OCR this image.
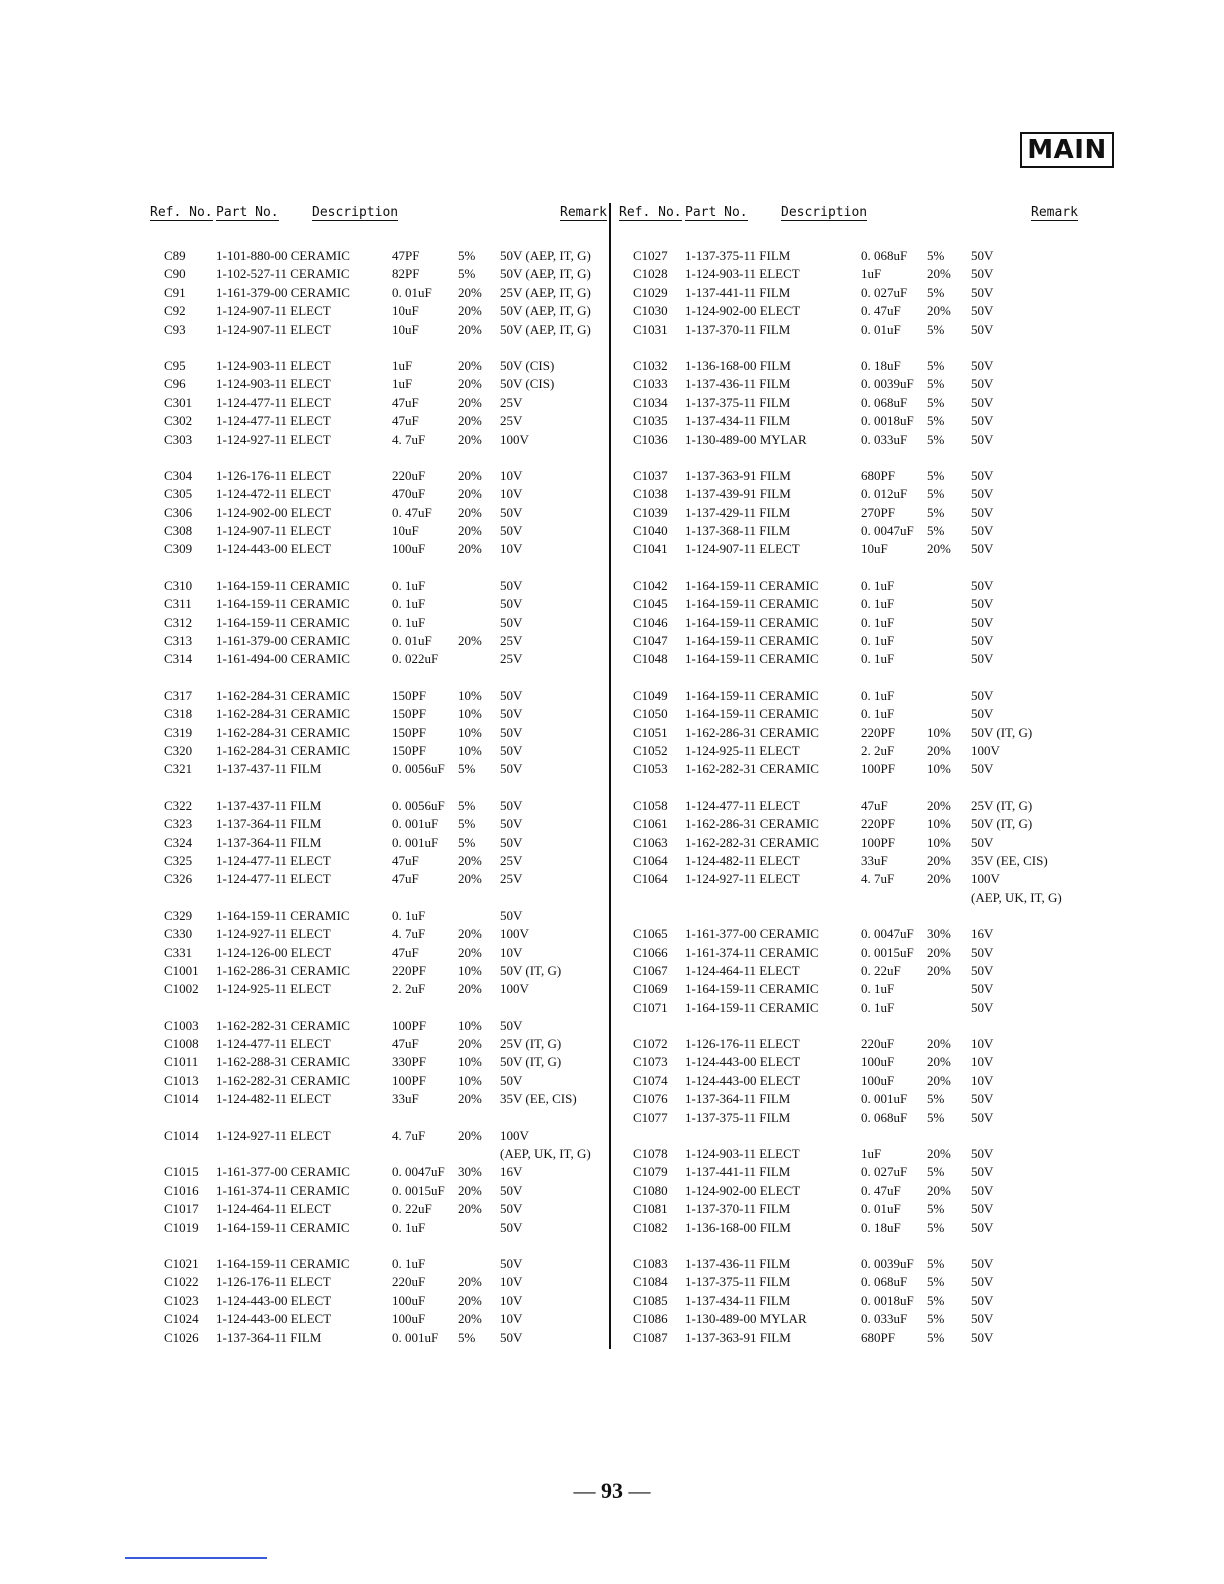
MAIN
Ref. No. Part No.	Description	Remark
C89 1-101-880-00 CERAMIC	47PF	5% 50V (AEP, IT, G)
C90 1-102-527-11 CERAMIC	82PF	5% 50V (AEP, IT, G)
C91 1-161-379-00 CERAMIC	0. 01uF 20% 25V (AEP, IT, G)
C92 1-124-907-11 ELECT	10uF	20% 50V (AEP, IT, G)
C93 1-124-907-11 ELECT	10uF	20% 50V (AEP, IT, G)
C95 1-124-903-11 ELECT	1uF	20% 50V (CIS)
C96 1-124-903-11 ELECT	1uF	20% 50V (CIS)
C301 1-124-477-11 ELECT	47uF	20% 25V
C302 1-124-477-11 ELECT	47uF	20% 25V
C303 1-124-927-11 ELECT	4. 7uF	20% 100V
C304 1-126-176-11 ELECT	220uF	20% 10V
C305 1-124-472-11 ELECT	470uF	20% 10V
C306 1-124-902-00 ELECT	0. 47uF 20% 50V
C308 1-124-907-11 ELECT	10uF	20% 50V
C309 1-124-443-00 ELECT	100uF	20% 10V
C310 1-164-159-11 CERAMIC	0. 1uF	50V
C311 1-164-159-11 CERAMIC	0. 1uF	50V
C312 1-164-159-11 CERAMIC	0. 1uF	50V
C313 1-161-379-00 CERAMIC	0. 01uF 20% 25V
C314 1-161-494-00 CERAMIC	0. 022uF	25V
C317 1-162-284-31 CERAMIC	150PF 10% 50V
C318 1-162-284-31 CERAMIC	150PF 10% 50V
C319 1-162-284-31 CERAMIC	150PF 10% 50V
C320 1-162-284-31 CERAMIC	150PF 10% 50V
C321 1-137-437-11 FILM	0. 0056uF 5% 50V
C322 1-137-437-11 FILM	0. 0056uF 5% 50V
C323 1-137-364-11 FILM	0. 001uF 5% 50V
C324 1-137-364-11 FILM	0. 001uF 5% 50V
C325 1-124-477-11 ELECT	47uF	20% 25V
C326 1-124-477-11 ELECT	47uF	20% 25V
C329 1-164-159-11 CERAMIC	0. 1uF	50V
C330 1-124-927-11 ELECT	4. 7uF	20% 100V
C331 1-124-126-00 ELECT	47uF	20% 10V
C1001 1-162-286-31 CERAMIC	220PF 10% 50V (IT, G)
C1002 1-124-925-11 ELECT	2. 2uF	20% 100V
C1003 1-162-282-31 CERAMIC	100PF 10% 50V
C1008 1-124-477-11 ELECT	47uF	20% 25V (IT, G)
C1011 1-162-288-31 CERAMIC	330PF 10% 50V (IT, G)
C1013 1-162-282-31 CERAMIC	100PF 10% 50V
C1014 1-124-482-11 ELECT	33uF	20% 35V (EE, CIS)
C1014 1-124-927-11 ELECT	4. 7uF	20% 100V
(AEP, UK, IT, G)
C1015 1-161-377-00 CERAMIC	0. 0047uF 30% 16V
C1016 1-161-374-11 CERAMIC	0. 0015uF 20% 50V
C1017 1-124-464-11 ELECT	0. 22uF 20% 50V
C1019 1-164-159-11 CERAMIC	0. 1uF	50V
C1021 1-164-159-11 CERAMIC	0. 1uF	50V
C1022 1-126-176-11 ELECT	220uF	20% 10V
C1023 1-124-443-00 ELECT	100uF	20% 10V
C1024 1-124-443-00 ELECT	100uF	20% 10V
C1026 1-137-364-11 FILM	0. 001uF 5% 50V
Ref. No. Part No.	Description	Remark
C1027 1-137-375-11 FILM	0. 068uF 5% 50V
C1028 1-124-903-11 ELECT	1uF	20% 50V
C1029 1-137-441-11 FILM	0. 027uF 5% 50V
C1030 1-124-902-00 ELECT	0. 47uF 20% 50V
C1031 1-137-370-11 FILM	0. 01uF 5% 50V
C1032 1-136-168-00 FILM	0. 18uF 5% 50V
C1033 1-137-436-11 FILM	0. 0039uF 5% 50V
C1034 1-137-375-11 FILM	0. 068uF 5% 50V
C1035 1-137-434-11 FILM	0. 0018uF 5% 50V
C1036 1-130-489-00 MYLAR	0. 033uF 5% 50V
C1037 1-137-363-91 FILM	680PF 5% 50V
C1038 1-137-439-91 FILM	0. 012uF 5% 50V
C1039 1-137-429-11 FILM	270PF 5% 50V
C1040 1-137-368-11 FILM	0. 0047uF 5% 50V
C1041 1-124-907-11 ELECT	10uF	20% 50V
C1042 1-164-159-11 CERAMIC	0. 1uF	50V
C1045 1-164-159-11 CERAMIC	0. 1uF	50V
C1046 1-164-159-11 CERAMIC	0. 1uF	50V
C1047 1-164-159-11 CERAMIC	0. 1uF	50V
C1048 1-164-159-11 CERAMIC	0. 1uF	50V
C1049 1-164-159-11 CERAMIC	0. 1uF	50V
C1050 1-164-159-11 CERAMIC	0. 1uF	50V
C1051 1-162-286-31 CERAMIC	220PF 10% 50V (IT, G)
C1052 1-124-925-11 ELECT	2. 2uF	20% 100V
C1053 1-162-282-31 CERAMIC	100PF 10% 50V
C1058 1-124-477-11 ELECT	47uF	20% 25V (IT, G)
C1061 1-162-286-31 CERAMIC	220PF 10% 50V (IT, G)
C1063 1-162-282-31 CERAMIC	100PF 10% 50V
C1064 1-124-482-11 ELECT	33uF	20% 35V (EE, CIS)
C1064 1-124-927-11 ELECT	4. 7uF	20% 100V
(AEP, UK, IT, G)
C1065 1-161-377-00 CERAMIC	0. 0047uF 30% 16V
C1066 1-161-374-11 CERAMIC	0. 0015uF 20% 50V
C1067 1-124-464-11 ELECT	0. 22uF 20% 50V
C1069 1-164-159-11 CERAMIC	0. 1uF	50V
C1071 1-164-159-11 CERAMIC	0. 1uF	50V
C1072 1-126-176-11 ELECT	220uF	20% 10V
C1073 1-124-443-00 ELECT	100uF	20% 10V
C1074 1-124-443-00 ELECT	100uF	20% 10V
C1076 1-137-364-11 FILM	0. 001uF 5% 50V
C1077 1-137-375-11 FILM	0. 068uF 5% 50V
C1078 1-124-903-11 ELECT	1uF	20% 50V
C1079 1-137-441-11 FILM	0. 027uF 5% 50V
C1080 1-124-902-00 ELECT	0. 47uF 20% 50V
C1081 1-137-370-11 FILM	0. 01uF 5% 50V
C1082 1-136-168-00 FILM	0. 18uF 5% 50V
C1083 1-137-436-11 FILM	0. 0039uF 5% 50V
C1084 1-137-375-11 FILM	0. 068uF 5% 50V
C1085 1-137-434-11 FILM	0. 0018uF 5% 50V
C1086 1-130-489-00 MYLAR	0. 033uF 5% 50V
C1087 1-137-363-91 FILM	680PF 5% 50V
— 93 —
